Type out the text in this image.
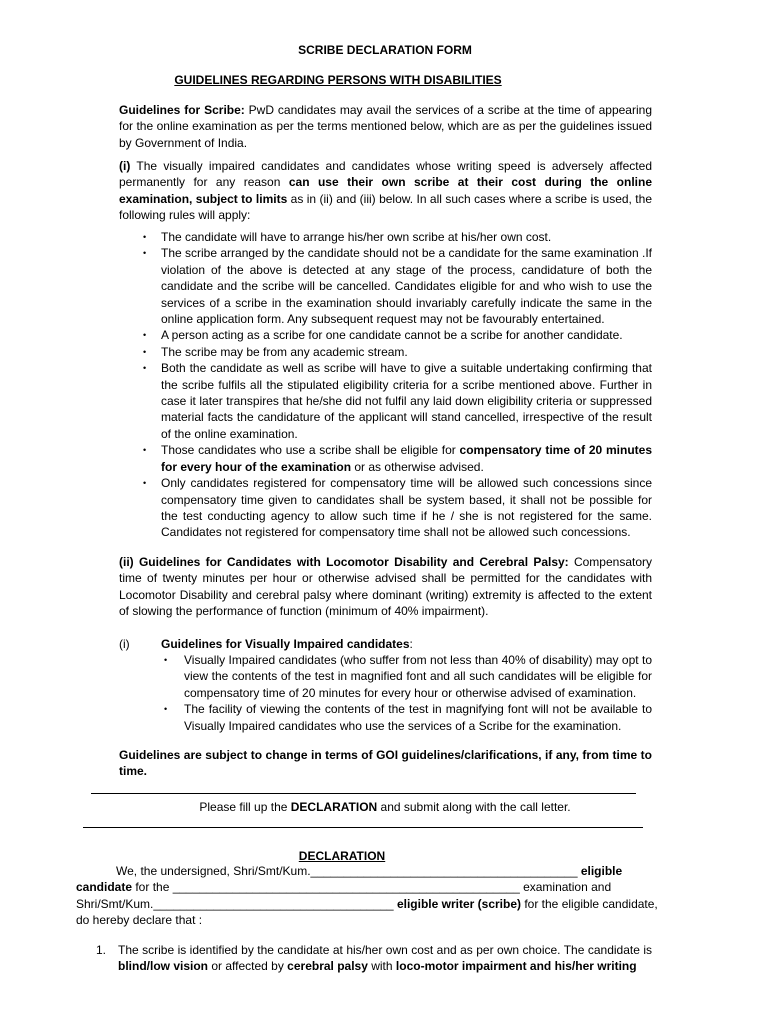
SCRIBE DECLARATION FORM
GUIDELINES REGARDING PERSONS WITH DISABILITIES

Guidelines for Scribe: PwD candidates may avail the services of a scribe at the time of appearing for the online examination as per the terms mentioned below, which are as per the guidelines issued by Government of India.

(i) The visually impaired candidates and candidates whose writing speed is adversely affected permanently for any reason can use their own scribe at their cost during the online examination, subject to limits as in (ii) and (iii) below. In all such cases where a scribe is used, the following rules will apply:

• The candidate will have to arrange his/her own scribe at his/her own cost.
• The scribe arranged by the candidate should not be a candidate for the same examination .If violation of the above is detected at any stage of the process, candidature of both the candidate and the scribe will be cancelled. Candidates eligible for and who wish to use the services of a scribe in the examination should invariably carefully indicate the same in the online application form. Any subsequent request may not be favourably entertained.
• A person acting as a scribe for one candidate cannot be a scribe for another candidate.
• The scribe may be from any academic stream.
• Both the candidate as well as scribe will have to give a suitable undertaking confirming that the scribe fulfils all the stipulated eligibility criteria for a scribe mentioned above. Further in case it later transpires that he/she did not fulfil any laid down eligibility criteria or suppressed material facts the candidature of the applicant will stand cancelled, irrespective of the result of the online examination.
• Those candidates who use a scribe shall be eligible for compensatory time of 20 minutes for every hour of the examination or as otherwise advised.
• Only candidates registered for compensatory time will be allowed such concessions since compensatory time given to candidates shall be system based, it shall not be possible for the test conducting agency to allow such time if he / she is not registered for the same. Candidates not registered for compensatory time shall not be allowed such concessions.

(ii) Guidelines for Candidates with Locomotor Disability and Cerebral Palsy: Compensatory time of twenty minutes per hour or otherwise advised shall be permitted for the candidates with Locomotor Disability and cerebral palsy where dominant (writing) extremity is affected to the extent of slowing the performance of function (minimum of 40% impairment).

(i)	Guidelines for Visually Impaired candidates:
• Visually Impaired candidates (who suffer from not less than 40% of disability) may opt to view the contents of the test in magnified font and all such candidates will be eligible for compensatory time of 20 minutes for every hour or otherwise advised of examination.
• The facility of viewing the contents of the test in magnifying font will not be available to Visually Impaired candidates who use the services of a Scribe for the examination.

Guidelines are subject to change in terms of GOI guidelines/clarifications, if any, from time to time.

Please fill up the DECLARATION and submit along with the call letter.
DECLARATION
We, the undersigned, Shri/Smt/Kum.________________________________________ eligible
candidate for the ____________________________________________________ examination and
Shri/Smt/Kum.____________________________________ eligible writer (scribe) for the eligible candidate,
do hereby declare that :
1. The scribe is identified by the candidate at his/her own cost and as per own choice. The candidate is blind/low vision or affected by cerebral palsy with loco-motor impairment and his/her writing
